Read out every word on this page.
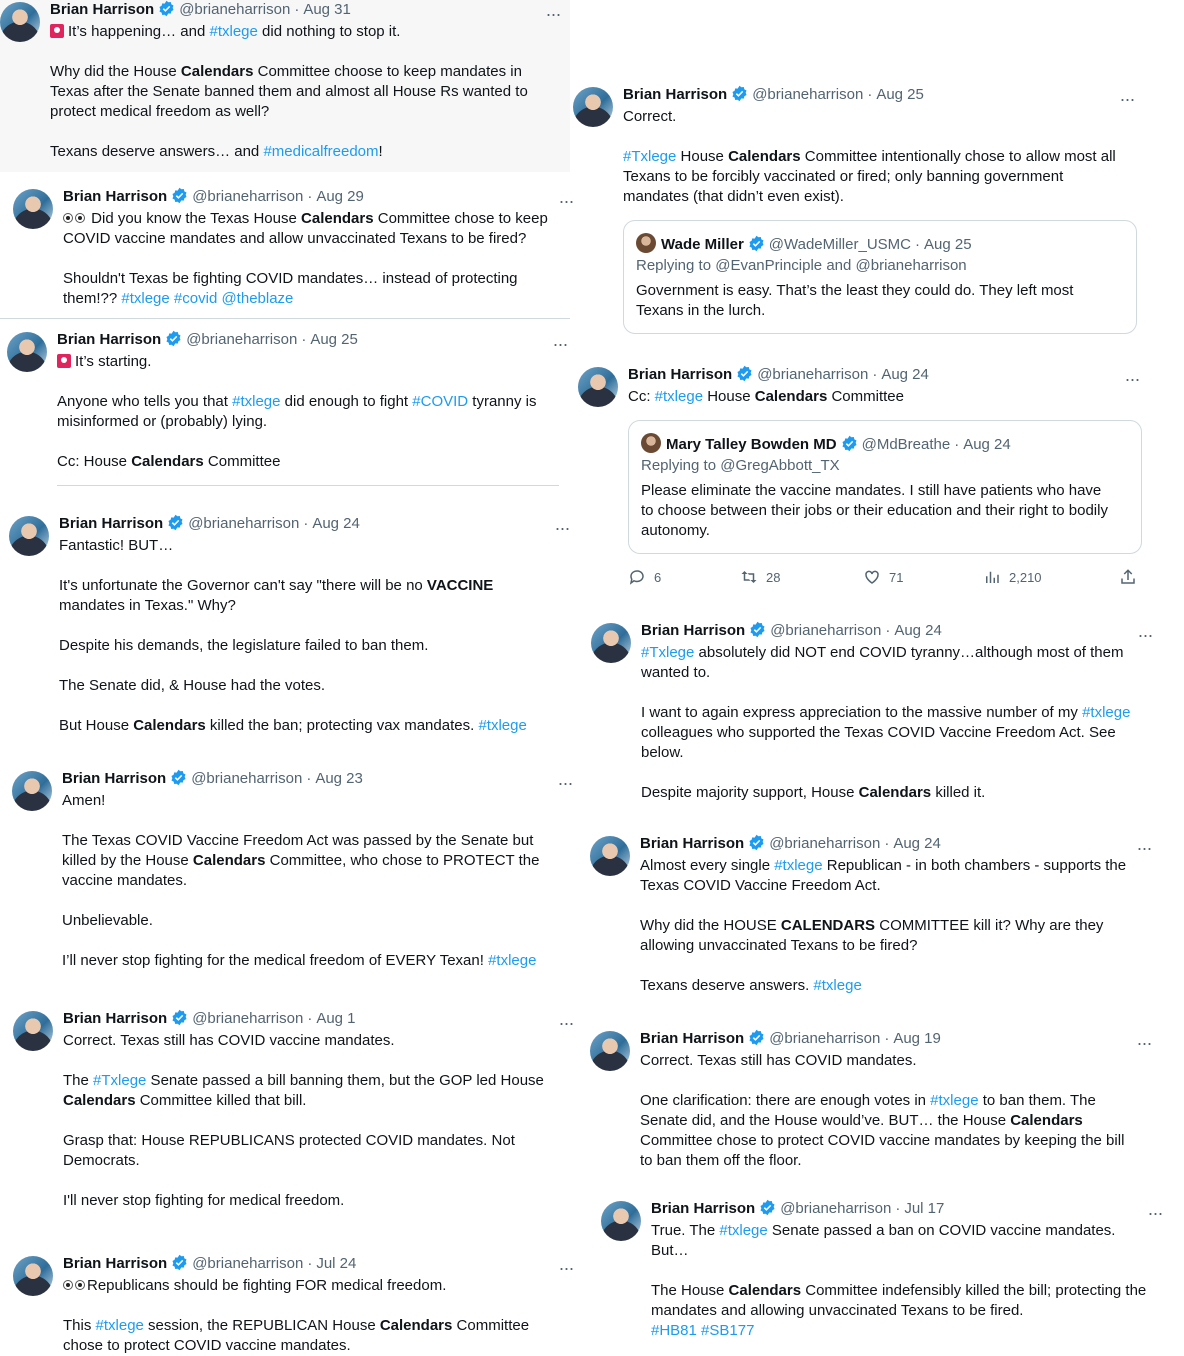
Brian Harrison @brianeharrison · Aug 31	···
It’s happening… and #txlege did nothing to stop it.
Why did the House Calendars Committee choose to keep mandates in
Texas after the Senate banned them and almost all House Rs wanted to
protect medical freedom as well?
Texans deserve answers… and #medicalfreedom!
Brian Harrison @brianeharrison · Aug 29	···
Did you know the Texas House Calendars Committee chose to keep
COVID vaccine mandates and allow unvaccinated Texans to be fired?
Shouldn't Texas be fighting COVID mandates… instead of protecting
them!?? #txlege #covid @theblaze
Brian Harrison @brianeharrison · Aug 25	···
It’s starting.
Anyone who tells you that #txlege did enough to fight #COVID tyranny is
misinformed or (probably) lying.
Cc: House Calendars Committee
Brian Harrison @brianeharrison · Aug 24	···
Fantastic! BUT…
It's unfortunate the Governor can't say "there will be no VACCINE
mandates in Texas." Why?
Despite his demands, the legislature failed to ban them.
The Senate did, & House had the votes.
But House Calendars killed the ban; protecting vax mandates. #txlege
Brian Harrison @brianeharrison · Aug 23	···
Amen!
The Texas COVID Vaccine Freedom Act was passed by the Senate but
killed by the House Calendars Committee, who chose to PROTECT the
vaccine mandates.
Unbelievable.
I’ll never stop fighting for the medical freedom of EVERY Texan! #txlege
Brian Harrison @brianeharrison · Aug 1	···
Correct. Texas still has COVID vaccine mandates.
The #Txlege Senate passed a bill banning them, but the GOP led House
Calendars Committee killed that bill.
Grasp that: House REPUBLICANS protected COVID mandates. Not
Democrats.
I'll never stop fighting for medical freedom.
Brian Harrison @brianeharrison · Jul 24	···
Republicans should be fighting FOR medical freedom.
This #txlege session, the REPUBLICAN House Calendars Committee
chose to protect COVID vaccine mandates.
Brian Harrison @brianeharrison · Aug 25	···
Correct.
#Txlege House Calendars Committee intentionally chose to allow most all
Texans to be forcibly vaccinated or fired; only banning government
mandates (that didn’t even exist).
Wade Miller @WadeMiller_USMC · Aug 25
Replying to @EvanPrinciple and @brianeharrison
Government is easy. That’s the least they could do. They left most
Texans in the lurch.
Brian Harrison @brianeharrison · Aug 24	···
Cc: #txlege House Calendars Committee
Mary Talley Bowden MD @MdBreathe · Aug 24
Replying to @GregAbbott_TX
Please eliminate the vaccine mandates. I still have patients who have
to choose between their jobs or their education and their right to bodily
autonomy.
6	28	71	2,210
Brian Harrison @brianeharrison · Aug 24	···
#Txlege absolutely did NOT end COVID tyranny…although most of them
wanted to.
I want to again express appreciation to the massive number of my #txlege
colleagues who supported the Texas COVID Vaccine Freedom Act. See
below.
Despite majority support, House Calendars killed it.
Brian Harrison @brianeharrison · Aug 24	···
Almost every single #txlege Republican - in both chambers - supports the
Texas COVID Vaccine Freedom Act.
Why did the HOUSE CALENDARS COMMITTEE kill it? Why are they
allowing unvaccinated Texans to be fired?
Texans deserve answers. #txlege
Brian Harrison @brianeharrison · Aug 19	···
Correct. Texas still has COVID mandates.
One clarification: there are enough votes in #txlege to ban them. The
Senate did, and the House would’ve. BUT… the House Calendars
Committee chose to protect COVID vaccine mandates by keeping the bill
to ban them off the floor.
Brian Harrison @brianeharrison · Jul 17	···
True. The #txlege Senate passed a ban on COVID vaccine mandates.
But…
The House Calendars Committee indefensibly killed the bill; protecting the
mandates and allowing unvaccinated Texans to be fired.
#HB81 #SB177
